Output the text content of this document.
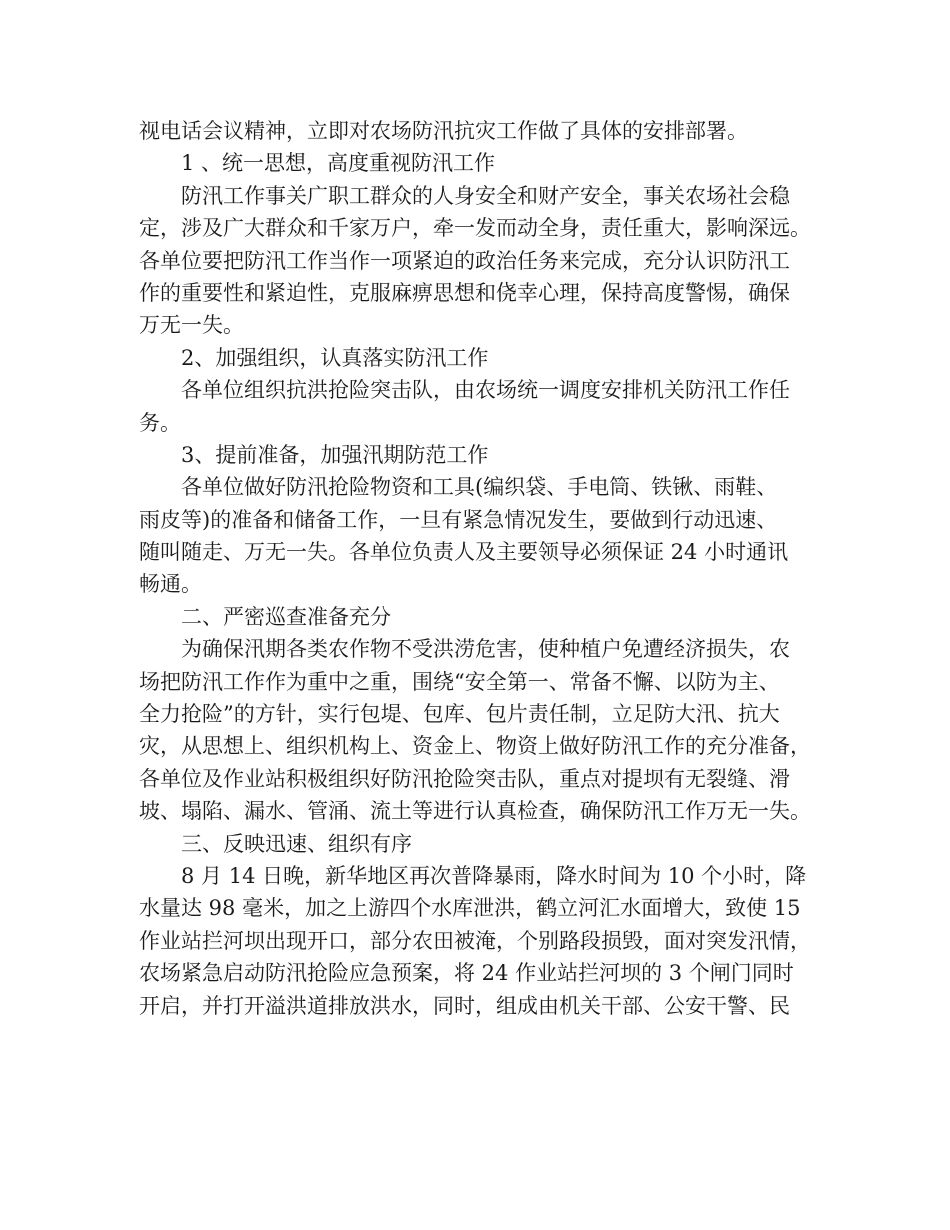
视电话会议精神，立即对农场防汛抗灾工作做了具体的安排部署。
1 、统一思想，高度重视防汛工作
防汛工作事关广职工群众的人身安全和财产安全，事关农场社会稳
定，涉及广大群众和千家万户，牵一发而动全身，责任重大，影响深远。
各单位要把防汛工作当作一项紧迫的政治任务来完成，充分认识防汛工
作的重要性和紧迫性，克服麻痹思想和侥幸心理，保持高度警惕，确保
万无一失。
2、加强组织，认真落实防汛工作
各单位组织抗洪抢险突击队，由农场统一调度安排机关防汛工作任
务。
3、提前准备，加强汛期防范工作
各单位做好防汛抢险物资和工具(编织袋、手电筒、铁锹、雨鞋、
雨皮等)的准备和储备工作，一旦有紧急情况发生，要做到行动迅速、
随叫随走、万无一失。各单位负责人及主要领导必须保证 24 小时通讯
畅通。
二、严密巡查准备充分
为确保汛期各类农作物不受洪涝危害，使种植户免遭经济损失，农
场把防汛工作作为重中之重，围绕“安全第一、常备不懈、以防为主、
全力抢险”的方针，实行包堤、包库、包片责任制，立足防大汛、抗大
灾，从思想上、组织机构上、资金上、物资上做好防汛工作的充分准备，
各单位及作业站积极组织好防汛抢险突击队，重点对提坝有无裂缝、滑
坡、塌陷、漏水、管涌、流土等进行认真检查，确保防汛工作万无一失。
三、反映迅速、组织有序
8 月 14 日晚，新华地区再次普降暴雨，降水时间为 10 个小时，降
水量达 98 毫米，加之上游四个水库泄洪，鹤立河汇水面增大，致使 15
作业站拦河坝出现开口，部分农田被淹，个别路段损毁，面对突发汛情，
农场紧急启动防汛抢险应急预案，将 24 作业站拦河坝的 3 个闸门同时
开启，并打开溢洪道排放洪水，同时，组成由机关干部、公安干警、民
